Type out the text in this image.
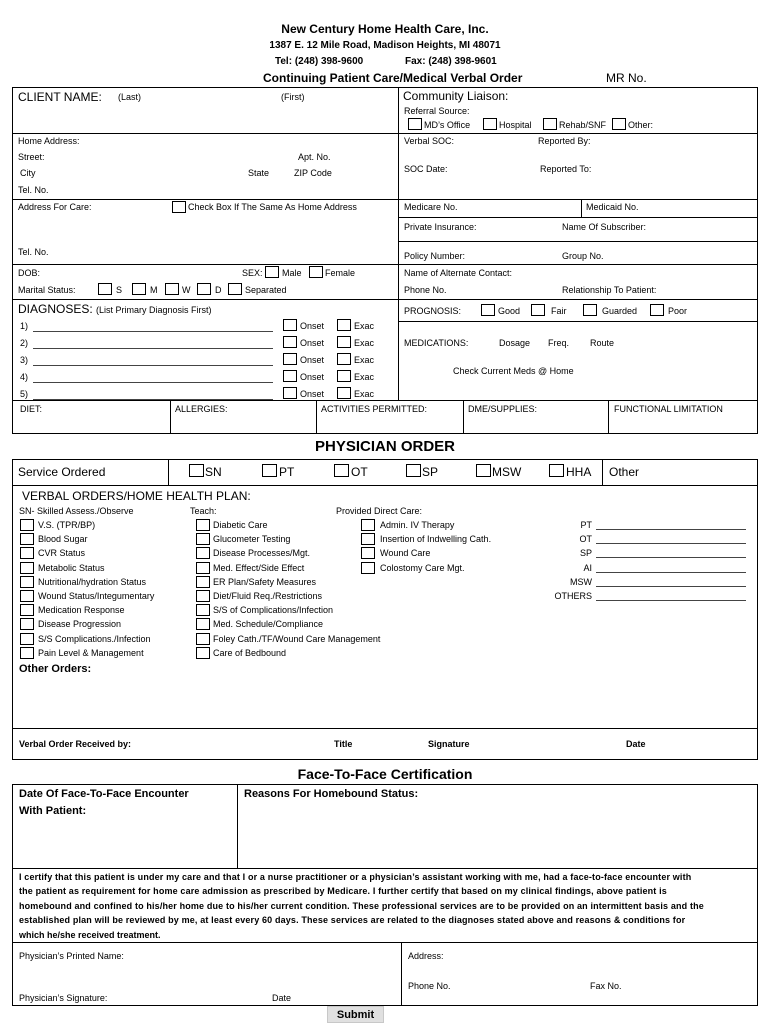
New Century Home Health Care, Inc.
1387 E. 12 Mile Road, Madison Heights, MI 48071
Tel: (248) 398-9600	Fax: (248) 398-9601
Continuing Patient Care/Medical Verbal Order	MR No.
CLIENT NAME: (Last)	(First)	Community Liaison:
Referral Source:
MD’s Office	Hospital	Rehab/SNF Other:
Home Address:
Street:	Apt. No.
City	State	ZIP Code
Tel. No.
Verbal SOC:	Reported By:
SOC Date:	Reported To:
Address For Care:	Check Box If The Same As Home Address
Tel. No.
Medicare No.	Medicaid No.
Private Insurance:	Name Of Subscriber:
Policy Number:	Group No.
DOB:	SEX: Male	Female
Marital Status:	S	M	W	D	Separated
Name of Alternate Contact:
Phone No.	Relationship To Patient:
DIAGNOSES: (List Primary Diagnosis First)
1)	Onset	Exac
2)	Onset	Exac
3)	Onset	Exac
4)	Onset	Exac
5)	Onset	Exac
PROGNOSIS:	Good	Fair	Guarded	Poor
MEDICATIONS:	Dosage Freq. Route
Check Current Meds @ Home
DIET:	ALLERGIES:	ACTIVITIES PERMITTED:	DME/SUPPLIES:	FUNCTIONAL LIMITATION
PHYSICIAN ORDER
Service Ordered	SN	PT	OT	SP	MSW	HHA Other
VERBAL ORDERS/HOME HEALTH PLAN:
SN- Skilled Assess./Observe	Teach:	Provided Direct Care:
V.S. (TPR/BP)
Blood Sugar
CVR Status
Metabolic Status
Nutritional/hydration Status
Wound Status/Integumentary
Medication Response
Disease Progression
S/S Complications./Infection
Pain Level & Management
Diabetic Care
Glucometer Testing
Disease Processes/Mgt.
Med. Effect/Side Effect
ER Plan/Safety Measures
Diet/Fluid Req./Restrictions
S/S of Complications/Infection
Med. Schedule/Compliance
Foley Cath./TF/Wound Care Management
Care of Bedbound
Admin. IV Therapy
Insertion of Indwelling Cath.
Wound Care
Colostomy Care Mgt.
PT
OT
SP
AI
MSW
OTHERS
Other Orders:
Verbal Order Received by:	Title	Signature	Date
Face-To-Face Certification
Date Of Face-To-Face Encounter
With Patient:
Reasons For Homebound Status:
I certify that this patient is under my care and that I or a nurse practitioner or a physician’s assistant working with me, had a face-to-face encounter with
the patient as requirement for home care admission as prescribed by Medicare. I further certify that based on my clinical findings, above patient is
homebound and confined to his/her home due to his/her current condition. These professional services are to be provided on an intermittent basis and the
established plan will be reviewed by me, at least every 60 days. These services are related to the diagnoses stated above and reasons & conditions for
which he/she received treatment.
Physician’s Printed Name:	Address:
Phone No.	Fax No.
Physician’s Signature:	Date
Submit
